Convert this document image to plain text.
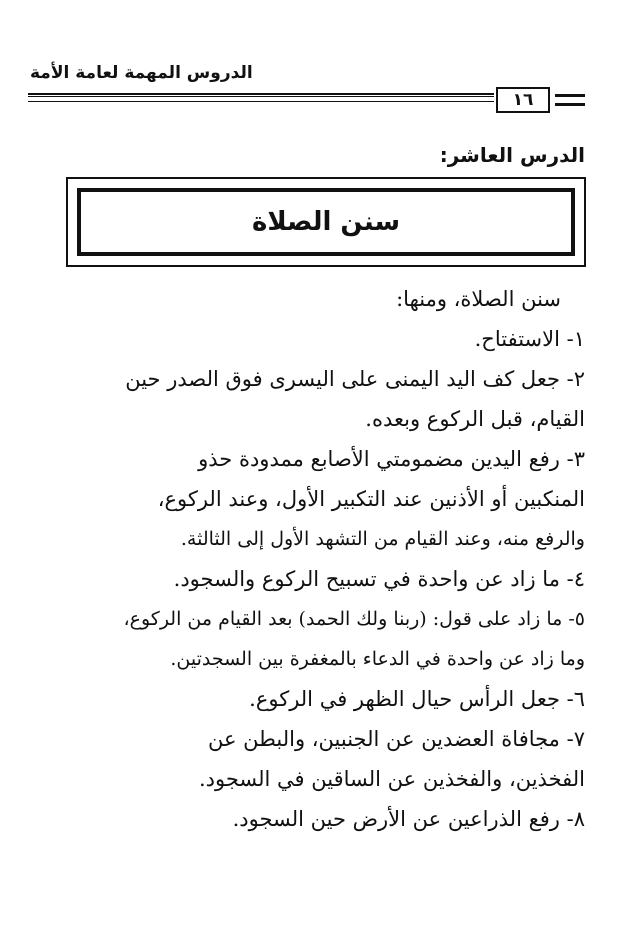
الدروس المهمة لعامة الأمة
١٦
الدرس العاشر:
سنن الصلاة

سنن الصلاة، ومنها:

١- الاستفتاح.

٢- جعل كف اليد اليمنى على اليسرى فوق الصدر حين

القيام، قبل الركوع وبعده.

٣- رفع اليدين مضمومتي الأصابع ممدودة حذو

المنكبين أو الأذنين عند التكبير الأول، وعند الركوع،

والرفع منه، وعند القيام من التشهد الأول إلى الثالثة.

٤- ما زاد عن واحدة في تسبيح الركوع والسجود.

٥- ما زاد على قول: (ربنا ولك الحمد) بعد القيام من الركوع،

وما زاد عن واحدة في الدعاء بالمغفرة بين السجدتين.

٦- جعل الرأس حيال الظهر في الركوع.

٧- مجافاة العضدين عن الجنبين، والبطن عن

الفخذين، والفخذين عن الساقين في السجود.

٨- رفع الذراعين عن الأرض حين السجود.
